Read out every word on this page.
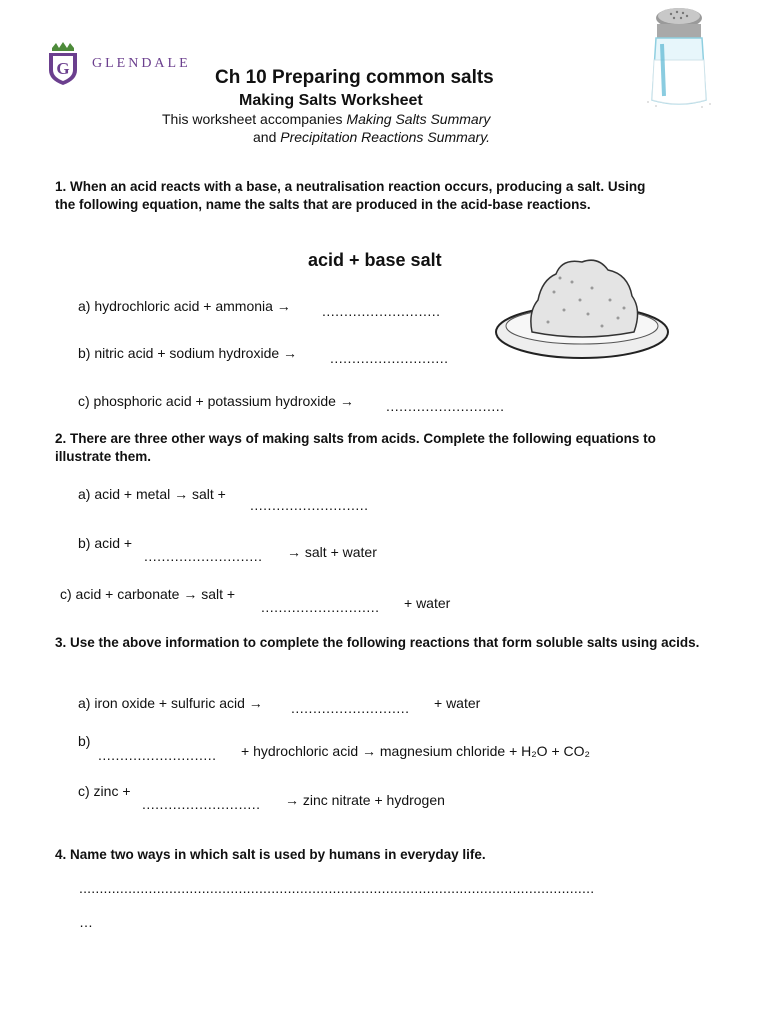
G GLENDALE
Ch 10 Preparing common salts
Making Salts Worksheet
This worksheet accompanies Making Salts Summary
and Precipitation Reactions Summary.
1. When an acid reacts with a base, a neutralisation reaction occurs, producing a salt. Using the following equation, name the salts that are produced in the acid-base reactions.
acid + base salt
a) hydrochloric acid + ammonia → ...........................
b) nitric acid + sodium hydroxide → ...........................
c) phosphoric acid + potassium hydroxide → ...........................
2. There are three other ways of making salts from acids. Complete the following equations to illustrate them.
a) acid + metal → salt +
...........................
b) acid +
........................... → salt + water
c) acid + carbonate → salt +
........................... + water
3. Use the above information to complete the following reactions that form soluble salts using acids.
a) iron oxide + sulfuric acid → ........................... + water
b)
........................... + hydrochloric acid → magnesium chloride + H₂O + CO₂
c) zinc +
........................... → zinc nitrate + hydrogen
4. Name two ways in which salt is used by humans in everyday life.
..............................................................................................................................
…
